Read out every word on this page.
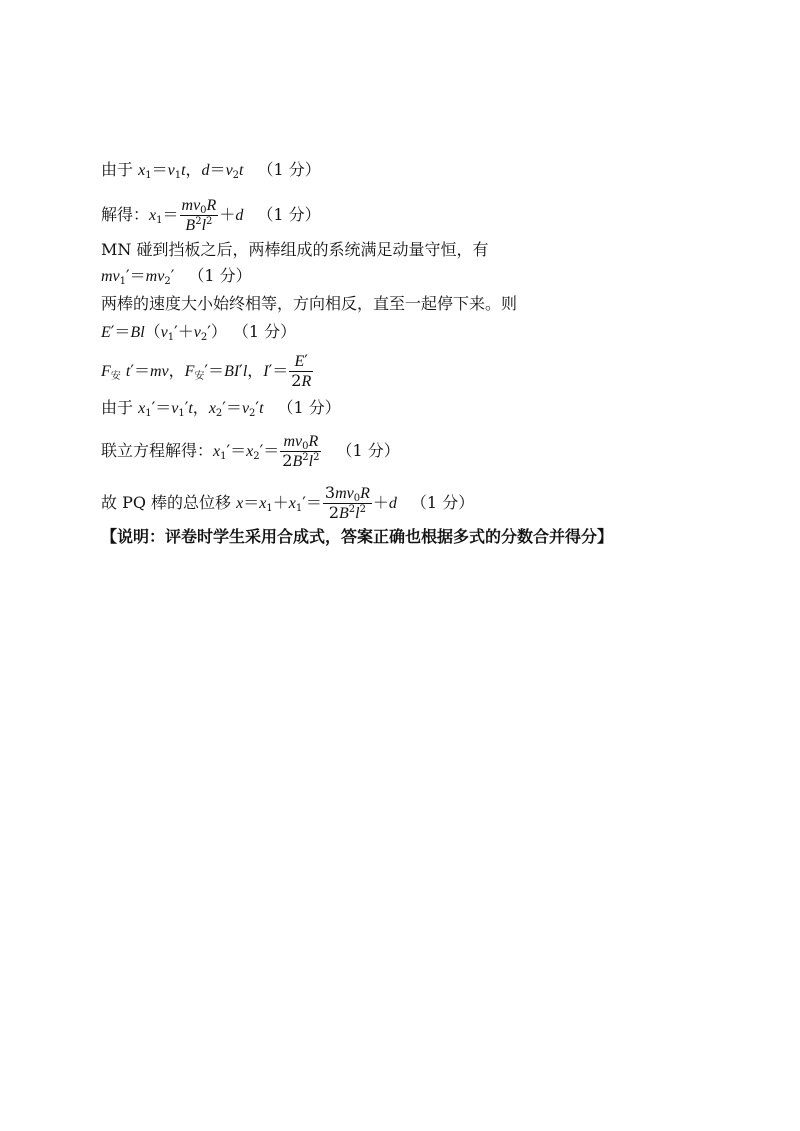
由于 $x_1=v_1t$，$d=v_2t$ （1 分）
解得：$x_1= \frac{mv_0R}{B^2l^2} +d$ （1 分）
MN 碰到挡板之后，两棒组成的系统满足动量守恒，有
$mv_1'=mv_2'$ （1 分）
两棒的速度大小始终相等，方向相反，直至一起停下来。则
$E'=Bl(v_1'+v_2')$ （1 分）
$F_安$ t′＝mv，$F_安'=BI'l$，$I'= \frac{E'}{2R}$
由于 $x_1'=v_1't$，$x_2'=v_2't$ （1 分）
联立方程解得：$x_1'=x_2'= \frac{mv_0R}{2B^2l^2} (1$ 分）
故 PQ 棒的总位移 $x=x_1+x_1'= \frac{3mv_0R}{2B^2l^2} +d$ （1 分）
【说明：评卷时学生采用合成式，答案正确也根据多式的分数合并得分】
